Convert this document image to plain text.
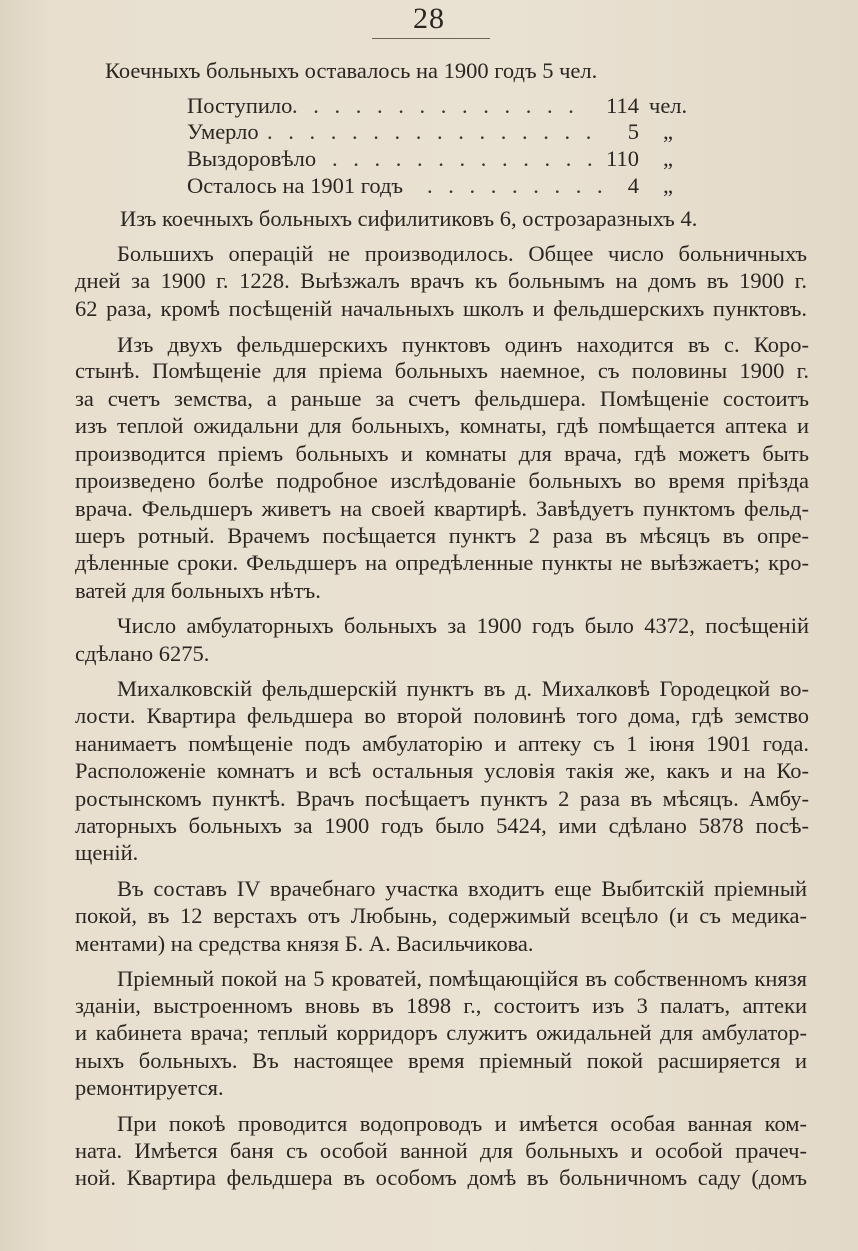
28
Коечныхъ больныхъ оставалось на 1900 годъ 5 чел.
Поступило . . . . . . . . . . . . . .	114 чел.
Умерло . . . . . . . . . . . . . . . .	5 „
Выздоровѣло . . . . . . . . . . . . . 110 „
Осталось на 1901 годъ . . . . . . . . . 4 „
Изъ коечныхъ больныхъ сифилитиковъ 6, острозаразныхъ 4.
Большихъ операцій не производилось. Общее число больничныхъ
дней за 1900 г. 1228. Выѣзжалъ врачъ къ больнымъ на домъ въ 1900 г.
62 раза, кромѣ посѣщеній начальныхъ школъ и фельдшерскихъ пунктовъ.
Изъ двухъ фельдшерскихъ пунктовъ одинъ находится въ с. Коро-
стынѣ. Помѣщеніе для пріема больныхъ наемное, съ половины 1900 г.
за счетъ земства, а раньше за счетъ фельдшера. Помѣщеніе состоитъ
изъ теплой ожидальни для больныхъ, комнаты, гдѣ помѣщается аптека и
производится пріемъ больныхъ и комнаты для врача, гдѣ можетъ быть
произведено болѣе подробное изслѣдованіе больныхъ во время пріѣзда
врача. Фельдшеръ живетъ на своей квартирѣ. Завѣдуетъ пунктомъ фельд-
шеръ ротный. Врачемъ посѣщается пунктъ 2 раза въ мѣсяцъ въ опре-
дѣленные сроки. Фельдшеръ на опредѣленные пункты не выѣзжаетъ; кро-
ватей для больныхъ нѣтъ.
Число амбулаторныхъ больныхъ за 1900 годъ было 4372, посѣщеній
сдѣлано 6275.
Михалковскій фельдшерскій пунктъ въ д. Михалковѣ Городецкой во-
лости. Квартира фельдшера во второй половинѣ того дома, гдѣ земство
нанимаетъ помѣщеніе подъ амбулаторію и аптеку съ 1 іюня 1901 года.
Расположеніе комнатъ и всѣ остальныя условія такія же, какъ и на Ко-
ростынскомъ пунктѣ. Врачъ посѣщаетъ пунктъ 2 раза въ мѣсяцъ. Амбу-
латорныхъ больныхъ за 1900 годъ было 5424, ими сдѣлано 5878 посѣ-
щеній.
Въ составъ IV врачебнаго участка входитъ еще Выбитскій пріемный
покой, въ 12 верстахъ отъ Любынь, содержимый всецѣло (и съ медика-
ментами) на средства князя Б. А. Васильчикова.
Пріемный покой на 5 кроватей, помѣщающійся въ собственномъ князя
зданіи, выстроенномъ вновь въ 1898 г., состоитъ изъ 3 палатъ, аптеки
и кабинета врача; теплый корридоръ служитъ ожидальней для амбулатор-
ныхъ больныхъ. Въ настоящее время пріемный покой расширяется и
ремонтируется.
При покоѣ проводится водопроводъ и имѣется особая ванная ком-
ната. Имѣется баня съ особой ванной для больныхъ и особой прачеч-
ной. Квартира фельдшера въ особомъ домѣ въ больничномъ саду (домъ
